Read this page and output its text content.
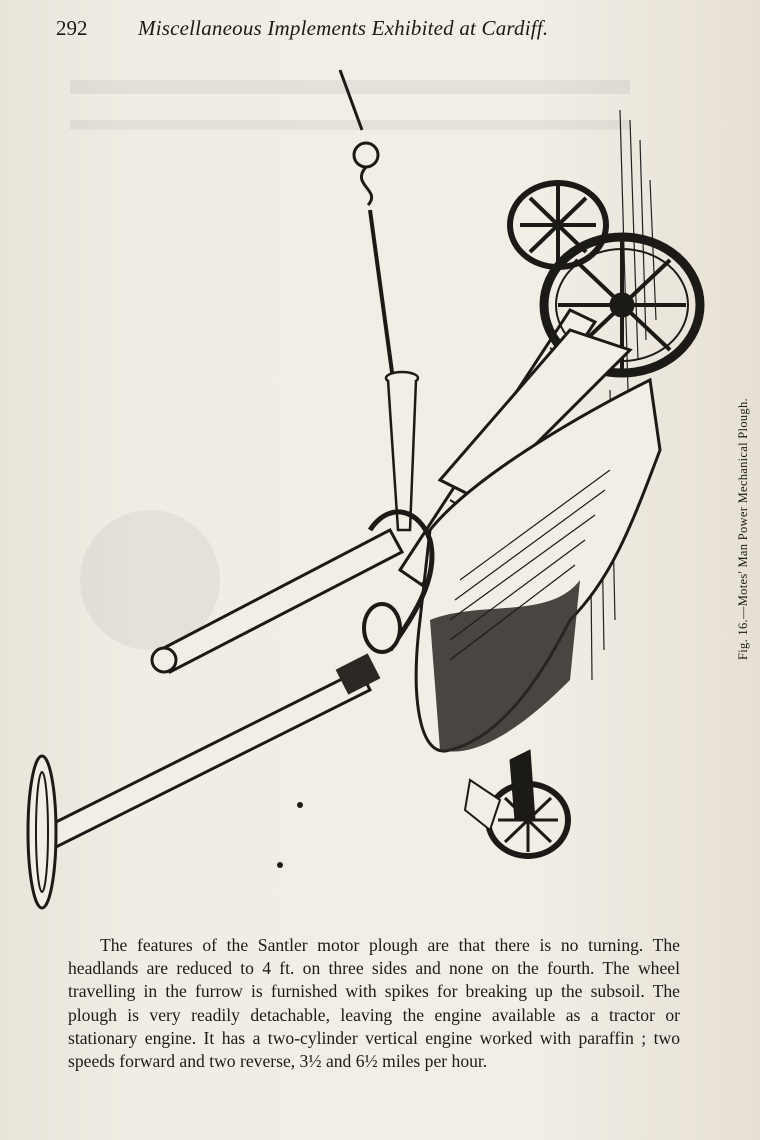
292 Miscellaneous Implements Exhibited at Cardiff.
Fig. 16.—Motes' Man Power Mechanical Plough.

The features of the Santler motor plough are that there is no turning. The headlands are reduced to 4 ft. on three sides and none on the fourth. The wheel travelling in the furrow is furnished with spikes for breaking up the subsoil. The plough is very readily detachable, leaving the engine available as a tractor or stationary engine. It has a two-cylinder vertical engine worked with paraffin ; two speeds forward and two reverse, 3½ and 6½ miles per hour.
